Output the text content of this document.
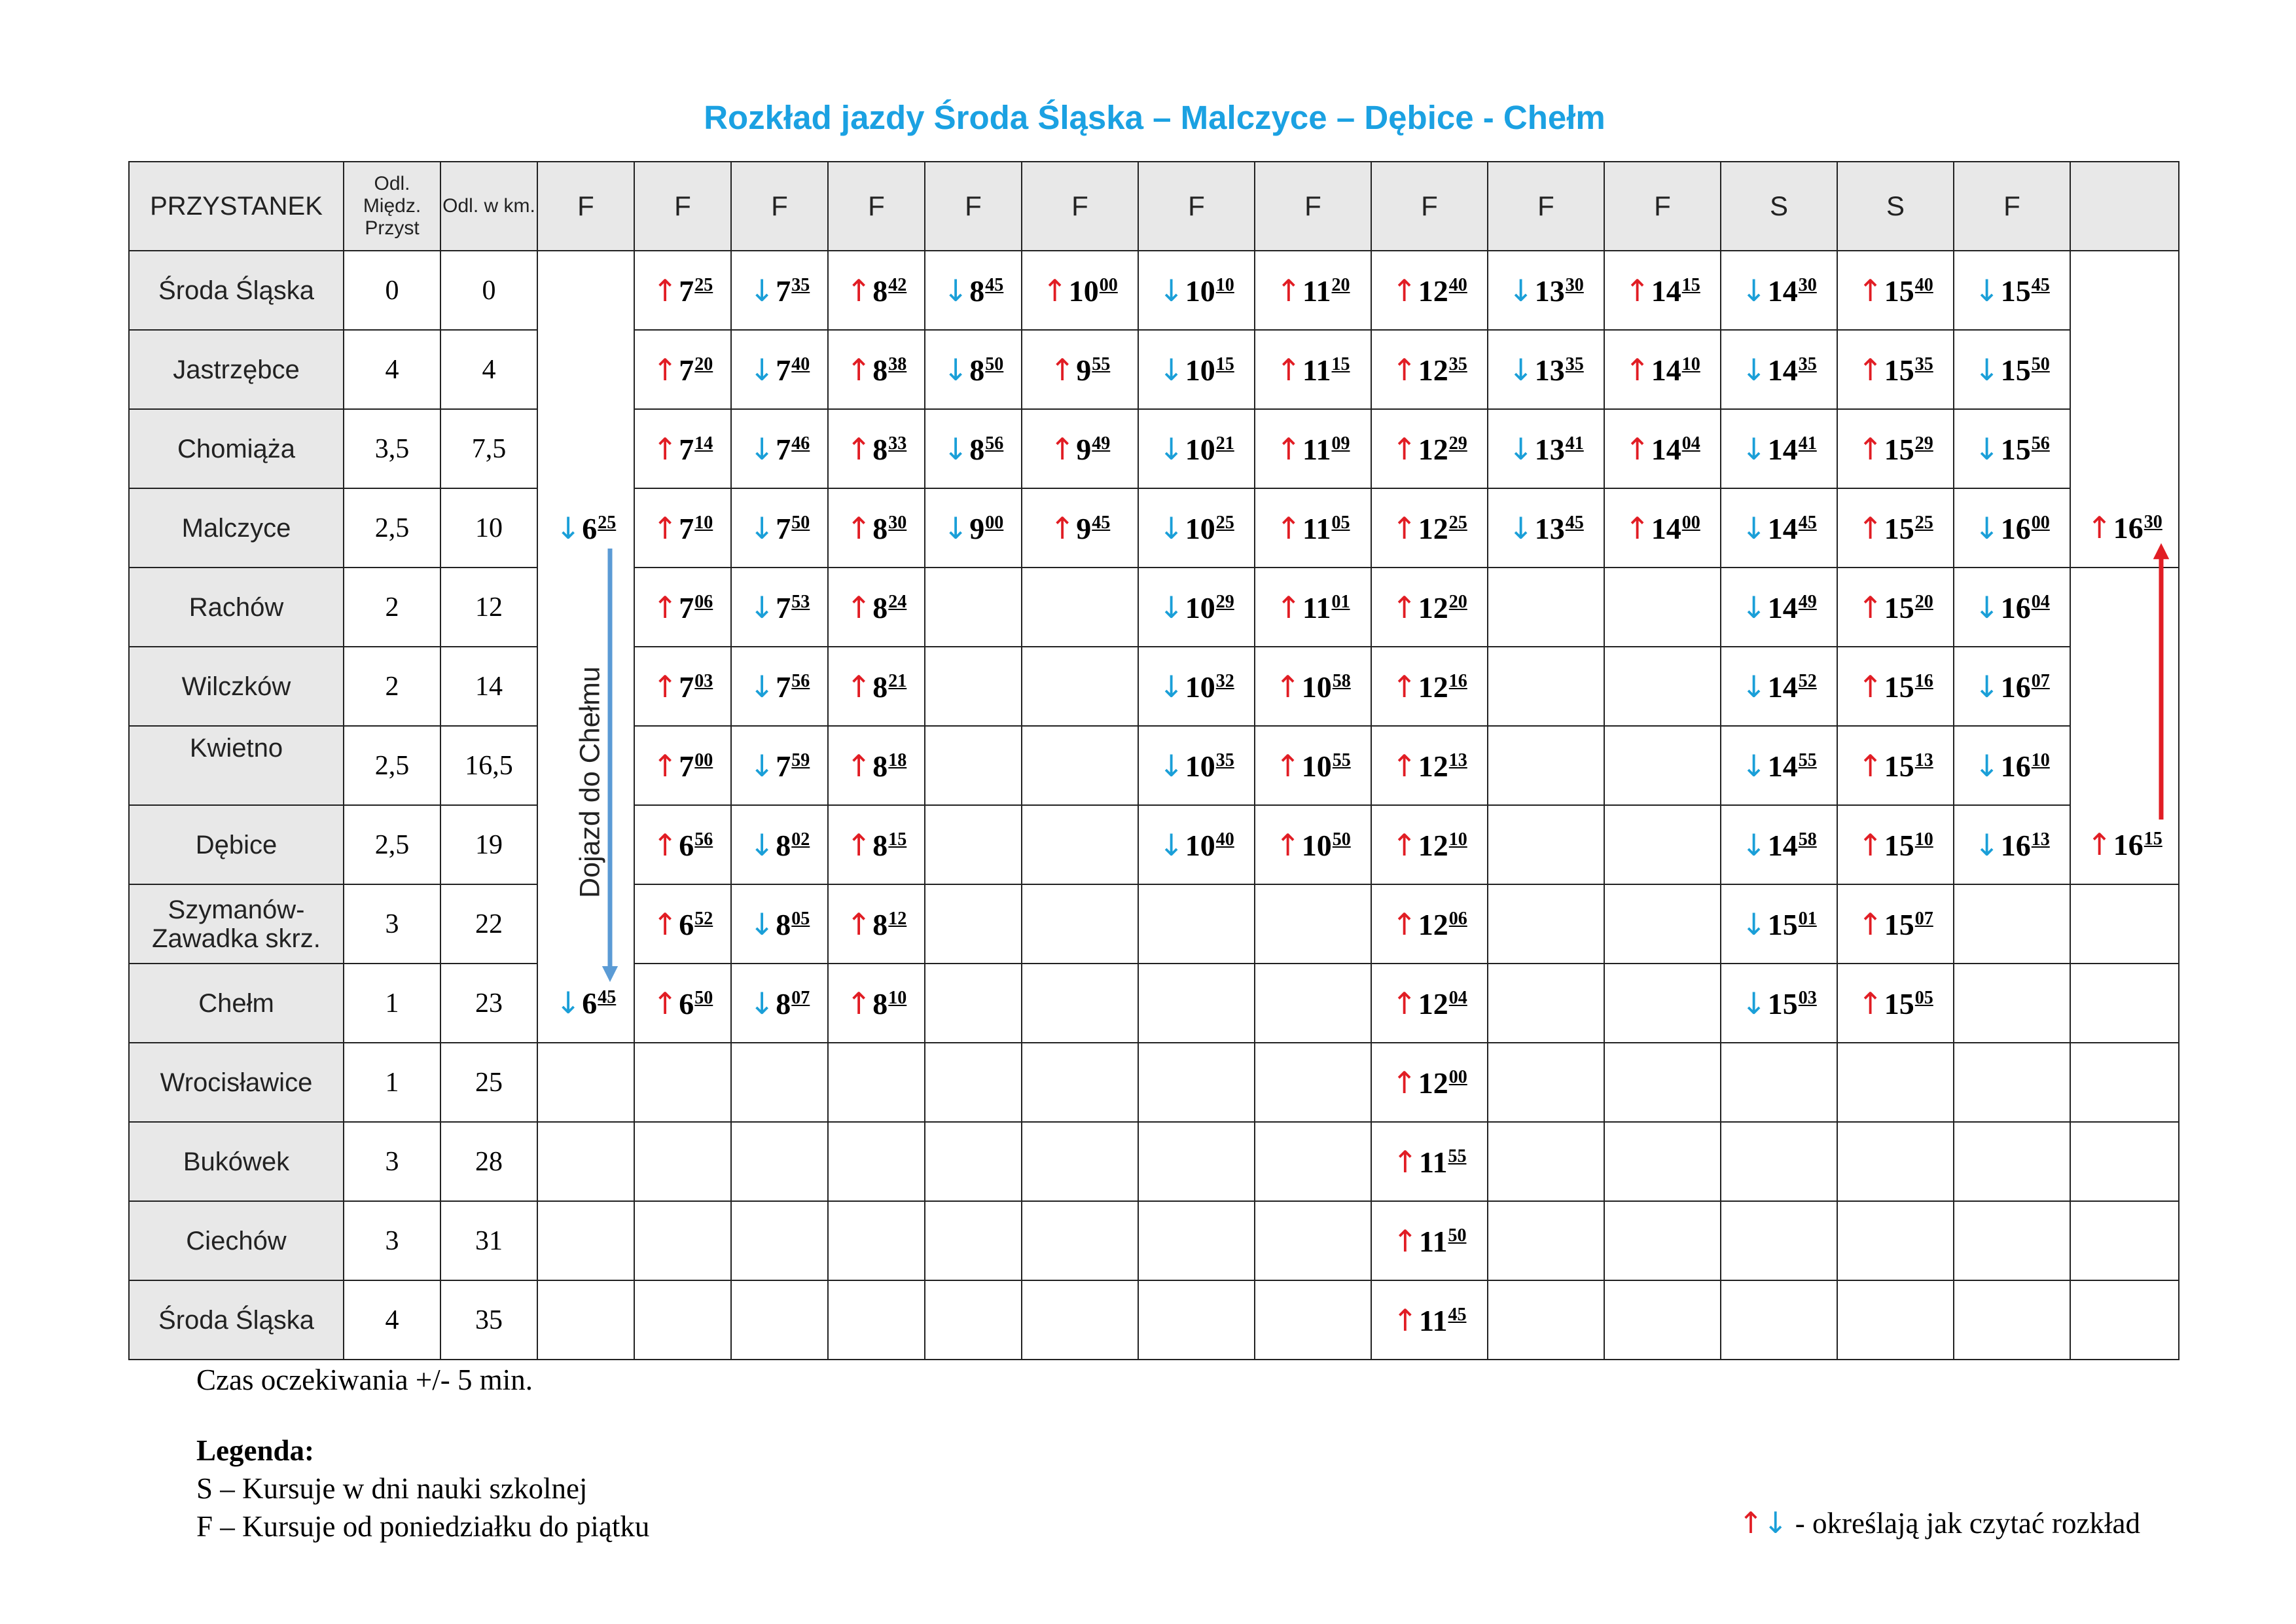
Rozkład jazdy Środa Śląska – Malczyce – Dębice - Chełm
PRZYSTANEK	Odl. Międz. Przyst	Odl. w km.	F	F	F	F	F	F	F	F	F	F	F	S	S	F	
Środa Śląska	0	0		$↑7^{25}$	$↓7^{35}$	$↑8^{42}$	$↓8^{45}$	$↑10^{00}$	$↓10^{10}$	$↑11^{20}$	$↑12^{40}$	$↓13^{30}$	$↑14^{15}$	$↓14^{30}$	$↑15^{40}$	$↓15^{45}$	
Jastrzębce	4	4		$↑7^{20}$	$↓7^{40}$	$↑8^{38}$	$↓8^{50}$	$↑9^{55}$	$↓10^{15}$	$↑11^{15}$	$↑12^{35}$	$↓13^{35}$	$↑14^{10}$	$↓14^{35}$	$↑15^{35}$	$↓15^{50}$	
Chomiąża	3,5	7,5		$↑7^{14}$	$↓7^{46}$	$↑8^{33}$	$↓8^{56}$	$↑9^{49}$	$↓10^{21}$	$↑11^{09}$	$↑12^{29}$	$↓13^{41}$	$↑14^{04}$	$↓14^{41}$	$↑15^{29}$	$↓15^{56}$	
Malczyce	2,5	10	$↓6^{25}$	$↑7^{10}$	$↓7^{50}$	$↑8^{30}$	$↓9^{00}$	$↑9^{45}$	$↓10^{25}$	$↑11^{05}$	$↑12^{25}$	$↓13^{45}$	$↑14^{00}$	$↓14^{45}$	$↑15^{25}$	$↓16^{00}$	$↑16^{30}$
Rachów	2	12		$↑7^{06}$	$↓7^{53}$	$↑8^{24}$			$↓10^{29}$	$↑11^{01}$	$↑12^{20}$			$↓14^{49}$	$↑15^{20}$	$↓16^{04}$	
Wilczków	2	14		$↑7^{03}$	$↓7^{56}$	$↑8^{21}$			$↓10^{32}$	$↑10^{58}$	$↑12^{16}$			$↓14^{52}$	$↑15^{16}$	$↓16^{07}$	
Kwietno	2,5	16,5		$↑7^{00}$	$↓7^{59}$	$↑8^{18}$			$↓10^{35}$	$↑10^{55}$	$↑12^{13}$			$↓14^{55}$	$↑15^{13}$	$↓16^{10}$	
Dębice	2,5	19		$↑6^{56}$	$↓8^{02}$	$↑8^{15}$			$↓10^{40}$	$↑10^{50}$	$↑12^{10}$			$↓14^{58}$	$↑15^{10}$	$↓16^{13}$	$↑16^{15}$
Szymanów-Zawadka skrz.	3	22		$↑6^{52}$	$↓8^{05}$	$↑8^{12}$					$↑12^{06}$			$↓15^{01}$	$↑15^{07}$		
Chełm	1	23	$↓6^{45}$	$↑6^{50}$	$↓8^{07}$	$↑8^{10}$					$↑12^{04}$			$↓15^{03}$	$↑15^{05}$		
Wrocisławice	1	25									$↑12^{00}$						
Bukówek	3	28									$↑11^{55}$						
Ciechów	3	31									$↑11^{50}$						
Środa Śląska	4	35									$↑11^{45}$						
Dojazd do Chełmu
Czas oczekiwania +/- 5 min.
Legenda:
S – Kursuje w dni nauki szkolnej
F – Kursuje od poniedziałku do piątku	↑↓ - określają jak czytać rozkład
